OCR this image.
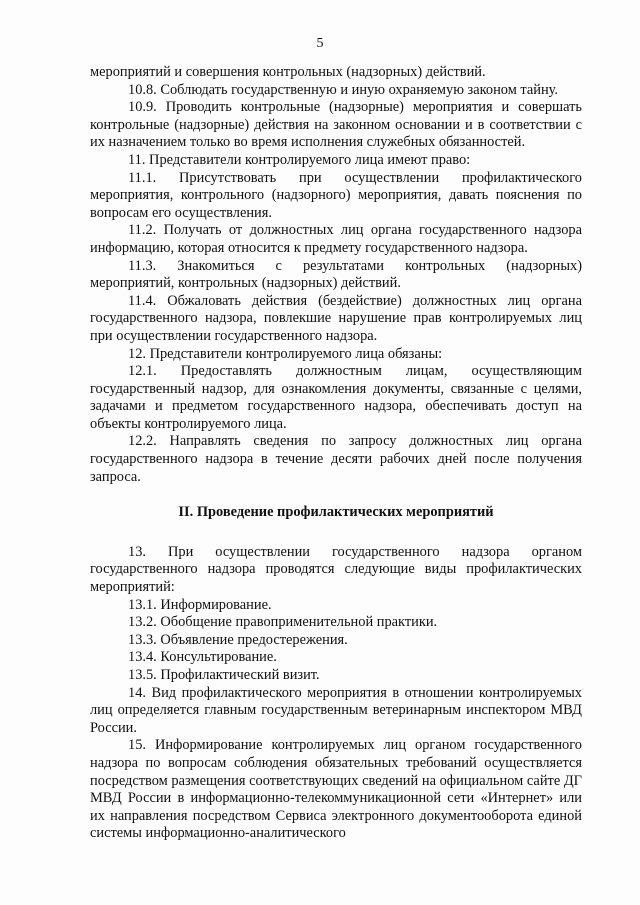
5

мероприятий и совершения контрольных (надзорных) действий.

10.8. Соблюдать государственную и иную охраняемую законом тайну.

10.9. Проводить контрольные (надзорные) мероприятия и совершать контрольные (надзорные) действия на законном основании и в соответствии с их назначением только во время исполнения служебных обязанностей.

11. Представители контролируемого лица имеют право:

11.1. Присутствовать при осуществлении профилактического мероприятия, контрольного (надзорного) мероприятия, давать пояснения по вопросам его осуществления.

11.2. Получать от должностных лиц органа государственного надзора информацию, которая относится к предмету государственного надзора.

11.3. Знакомиться с результатами контрольных (надзорных) мероприятий, контрольных (надзорных) действий.

11.4. Обжаловать действия (бездействие) должностных лиц органа государственного надзора, повлекшие нарушение прав контролируемых лиц при осуществлении государственного надзора.

12. Представители контролируемого лица обязаны:

12.1. Предоставлять должностным лицам, осуществляющим государственный надзор, для ознакомления документы, связанные с целями, задачами и предметом государственного надзора, обеспечивать доступ на объекты контролируемого лица.

12.2. Направлять сведения по запросу должностных лиц органа государственного надзора в течение десяти рабочих дней после получения запроса.

II. Проведение профилактических мероприятий

13. При осуществлении государственного надзора органом государственного надзора проводятся следующие виды профилактических мероприятий:

13.1. Информирование.

13.2. Обобщение правоприменительной практики.

13.3. Объявление предостережения.

13.4. Консультирование.

13.5. Профилактический визит.

14. Вид профилактического мероприятия в отношении контролируемых лиц определяется главным государственным ветеринарным инспектором МВД России.

15. Информирование контролируемых лиц органом государственного надзора по вопросам соблюдения обязательных требований осуществляется посредством размещения соответствующих сведений на официальном сайте ДГ МВД России в информационно-телекоммуникационной сети «Интернет» или их направления посредством Сервиса электронного документооборота единой системы информационно-аналитического
